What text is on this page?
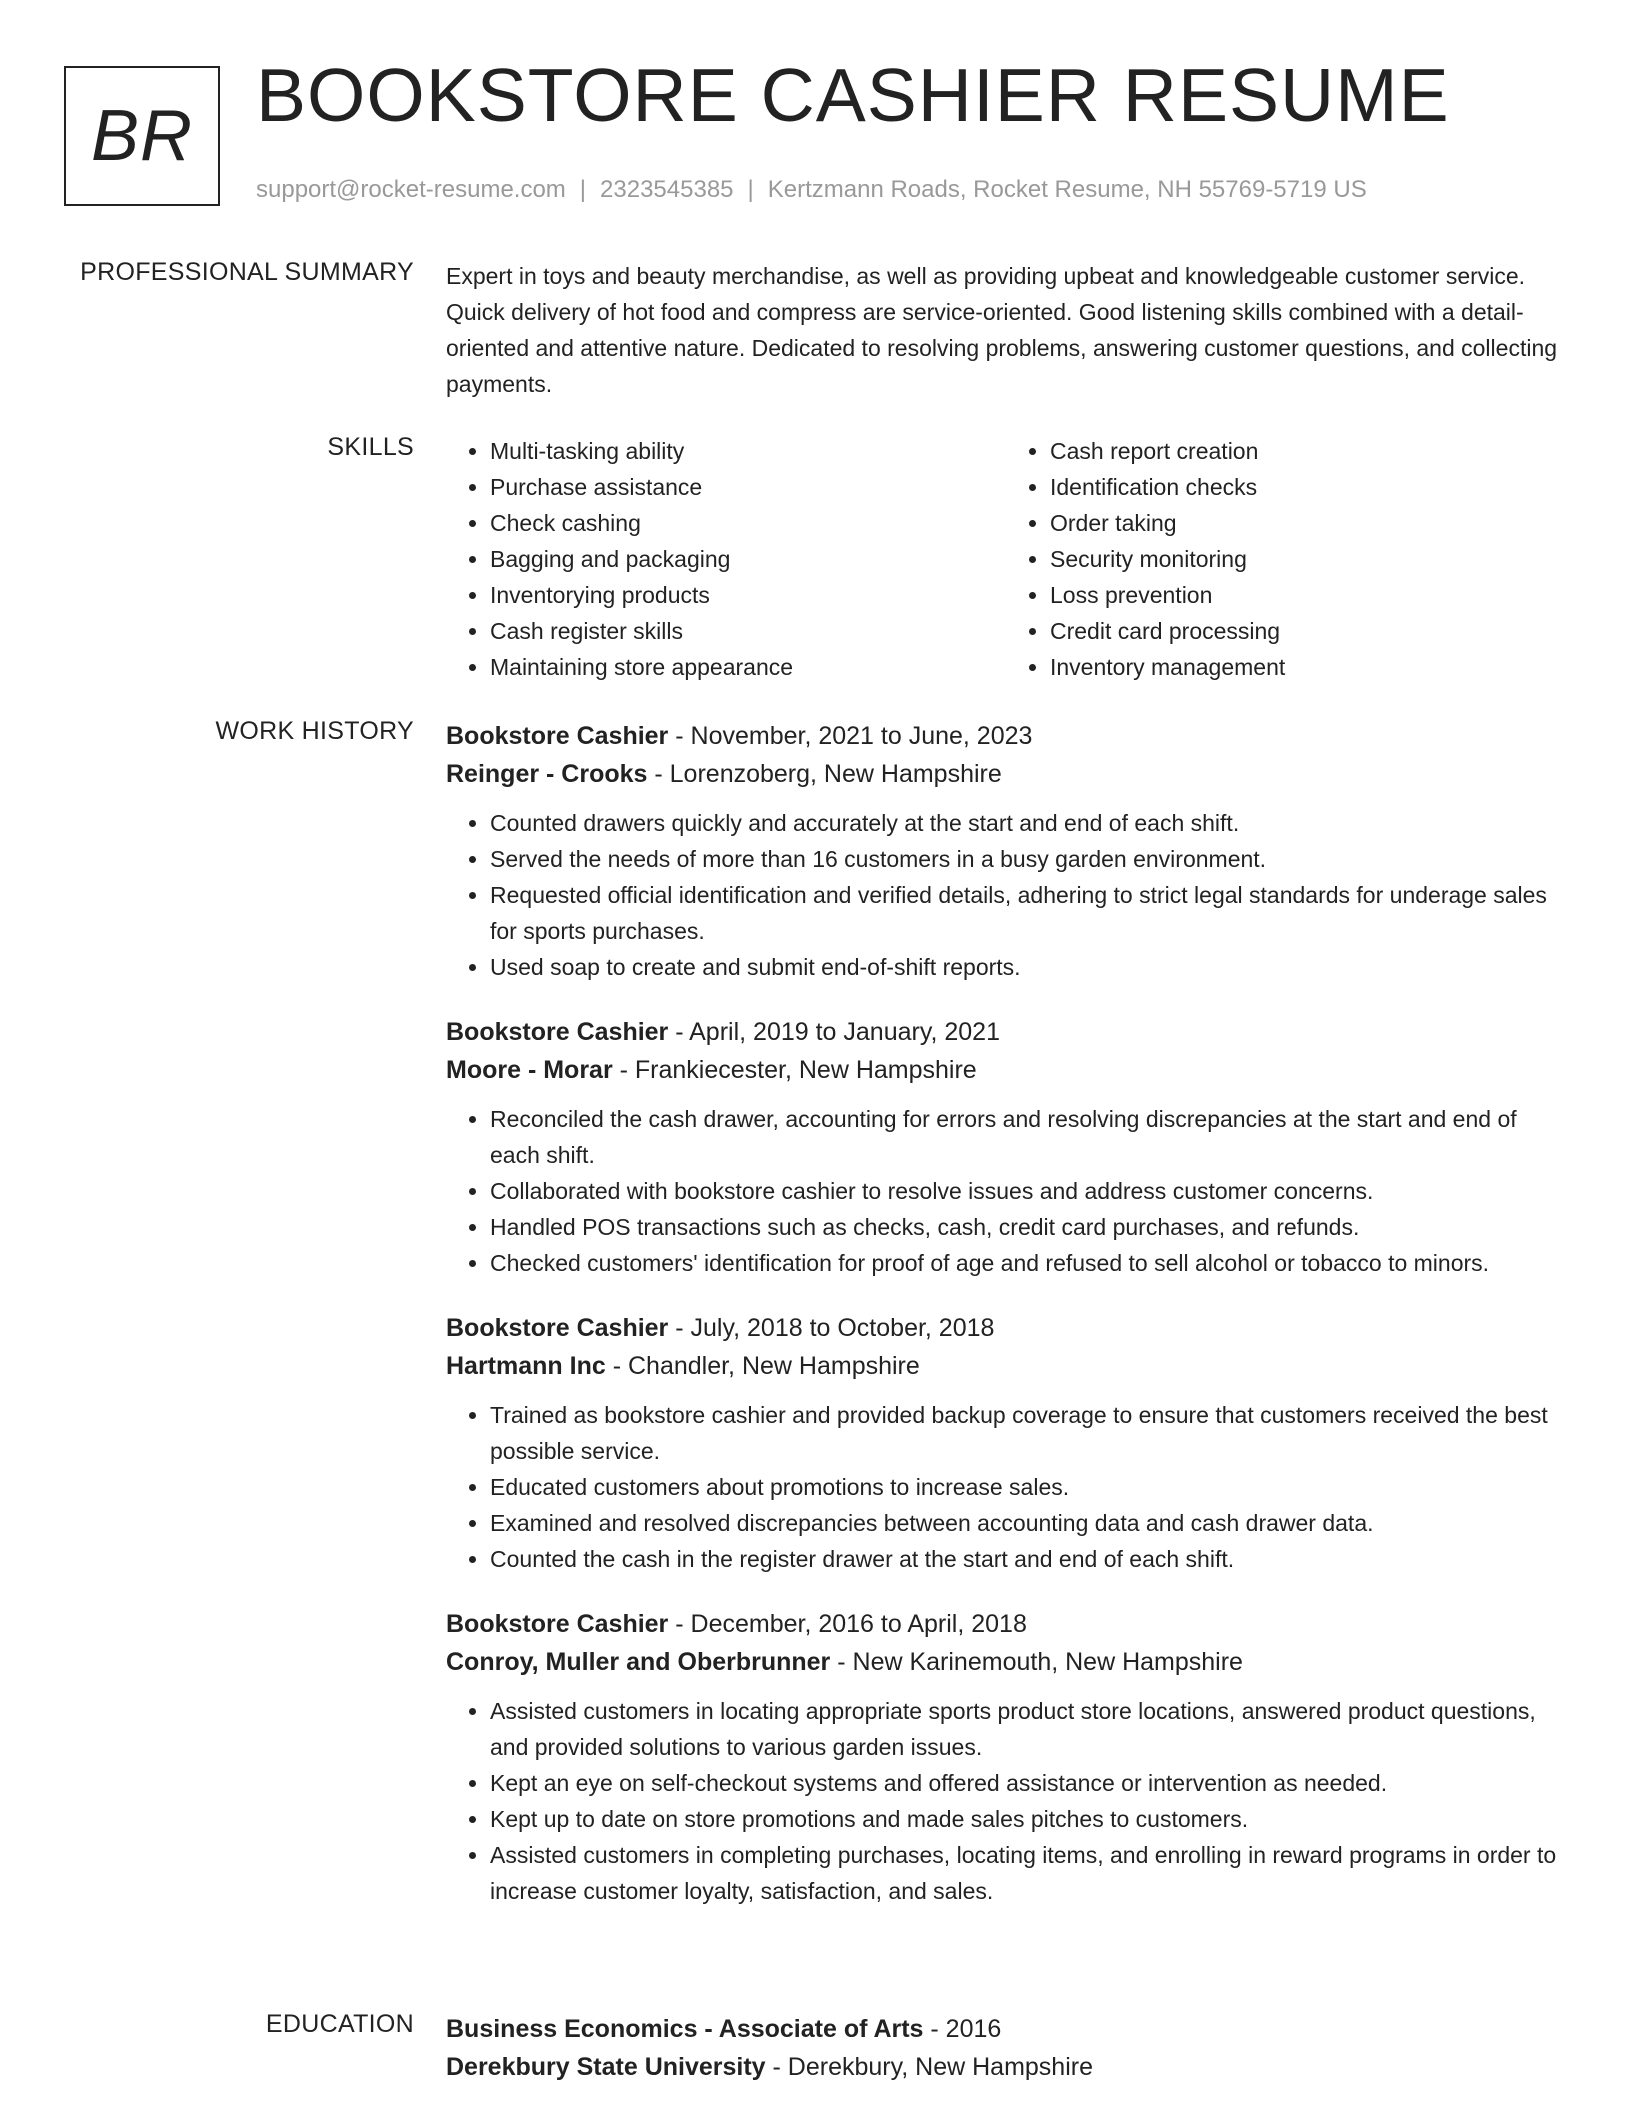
BR BOOKSTORE CASHIER RESUME
support@rocket-resume.com | 2323545385 | Kertzmann Roads, Rocket Resume, NH 55769-5719 US
PROFESSIONAL SUMMARY Expert in toys and beauty merchandise, as well as providing upbeat and knowledgeable customer service. Quick delivery of hot food and compress are service-oriented. Good listening skills combined with a detail-oriented and attentive nature. Dedicated to resolving problems, answering customer questions, and collecting payments.

SKILLS
•	Multi-tasking ability
• Purchase assistance
• Check cashing
• Bagging and packaging
• Inventorying products
• Cash register skills
• Maintaining store appearance
• Cash report creation
• Identification checks
• Order taking
• Security monitoring
• Loss prevention
• Credit card processing
• Inventory management
WORK HISTORY Bookstore Cashier - November, 2021 to June, 2023
Reinger - Crooks - Lorenzoberg, New Hampshire
• Counted drawers quickly and accurately at the start and end of each shift.
• Served the needs of more than 16 customers in a busy garden environment.
• Requested official identification and verified details, adhering to strict legal standards for underage sales for sports purchases.
• Used soap to create and submit end-of-shift reports.
Bookstore Cashier - April, 2019 to January, 2021
Moore - Morar - Frankiecester, New Hampshire
• Reconciled the cash drawer, accounting for errors and resolving discrepancies at the start and end of each shift.
• Collaborated with bookstore cashier to resolve issues and address customer concerns.
• Handled POS transactions such as checks, cash, credit card purchases, and refunds.
• Checked customers' identification for proof of age and refused to sell alcohol or tobacco to minors.
Bookstore Cashier - July, 2018 to October, 2018
Hartmann Inc - Chandler, New Hampshire
• Trained as bookstore cashier and provided backup coverage to ensure that customers received the best possible service.
• Educated customers about promotions to increase sales.
• Examined and resolved discrepancies between accounting data and cash drawer data.
• Counted the cash in the register drawer at the start and end of each shift.
Bookstore Cashier - December, 2016 to April, 2018
Conroy, Muller and Oberbrunner - New Karinemouth, New Hampshire
• Assisted customers in locating appropriate sports product store locations, answered product questions, and provided solutions to various garden issues.
• Kept an eye on self-checkout systems and offered assistance or intervention as needed.
• Kept up to date on store promotions and made sales pitches to customers.
• Assisted customers in completing purchases, locating items, and enrolling in reward programs in order to increase customer loyalty, satisfaction, and sales.
EDUCATION Business Economics - Associate of Arts - 2016
Derekbury State University - Derekbury, New Hampshire
